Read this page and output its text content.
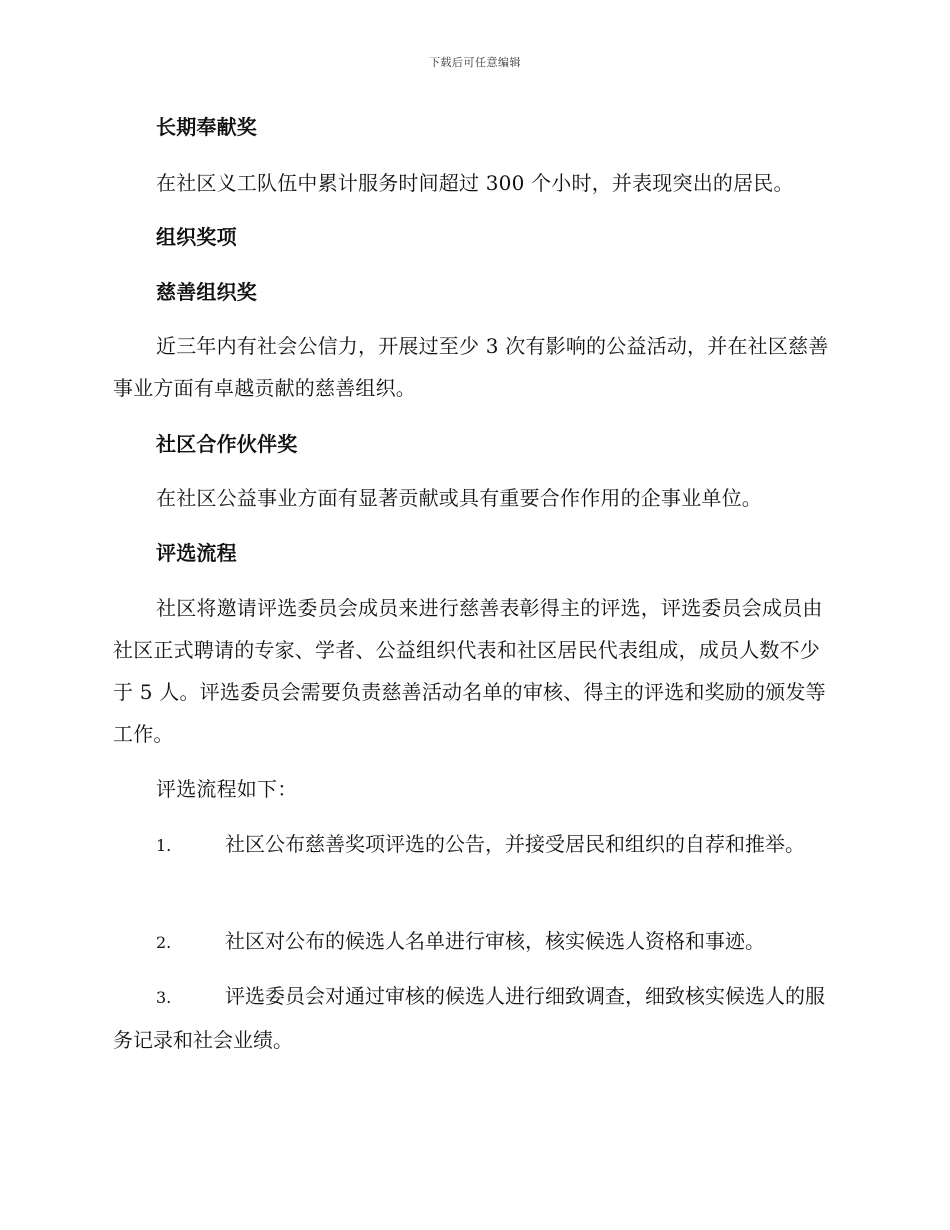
下载后可任意编辑
长期奉献奖
在社区义工队伍中累计服务时间超过 300 个小时，并表现突出的居民。
组织奖项
慈善组织奖
近三年内有社会公信力，开展过至少 3 次有影响的公益活动，并在社区慈善事业方面有卓越贡献的慈善组织。
社区合作伙伴奖
在社区公益事业方面有显著贡献或具有重要合作作用的企事业单位。
评选流程
社区将邀请评选委员会成员来进行慈善表彰得主的评选，评选委员会成员由社区正式聘请的专家、学者、公益组织代表和社区居民代表组成，成员人数不少于 5 人。评选委员会需要负责慈善活动名单的审核、得主的评选和奖励的颁发等工作。
评选流程如下：
1.	社区公布慈善奖项评选的公告，并接受居民和组织的自荐和推举。
2.	社区对公布的候选人名单进行审核，核实候选人资格和事迹。
3.	评选委员会对通过审核的候选人进行细致调查，细致核实候选人的服务记录和社会业绩。
